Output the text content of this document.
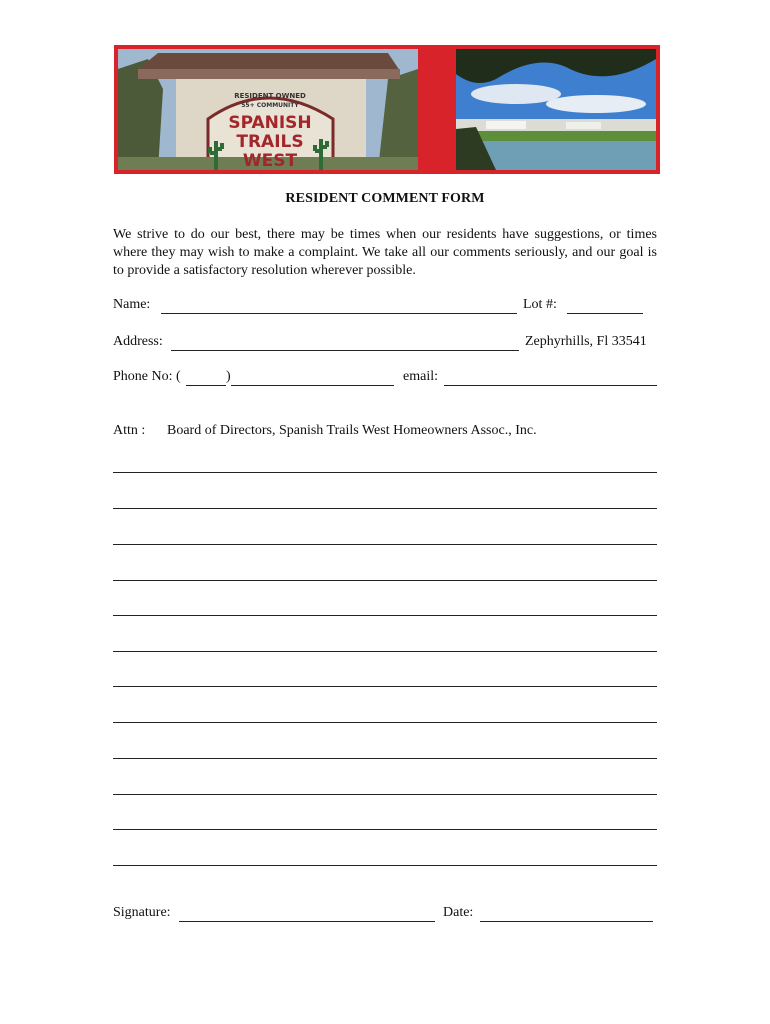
RESIDENT OWNED
55+ COMMUNITY
SPANISH
TRAILS
WEST
RESIDENT COMMENT FORM

We strive to do our best, there may be times when our residents have suggestions, or times where they may wish to make a complaint. We take all our comments seriously, and our goal is to provide a satisfactory resolution wherever possible.

Name:	Lot #:
Address:	Zephyrhills, Fl 33541
Phone No: (	)	email:
Attn : Board of Directors, Spanish Trails West Homeowners Assoc., Inc.
Signature:	Date:
